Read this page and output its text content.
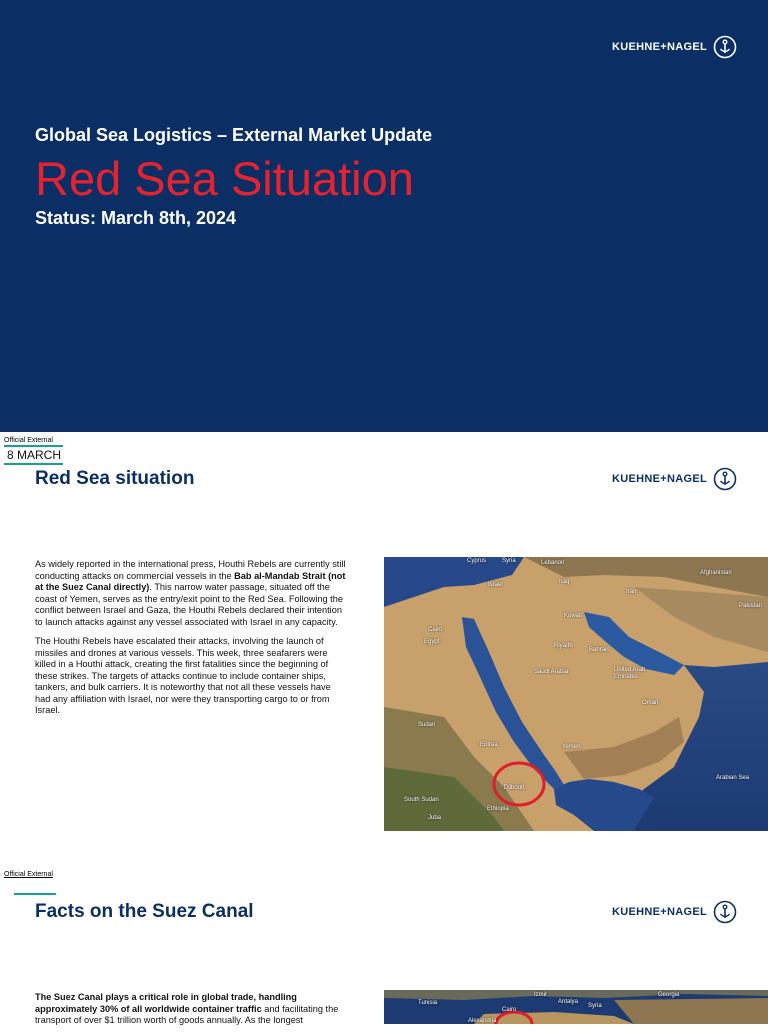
KUEHNE+NAGEL
Global Sea Logistics – External Market Update
Red Sea Situation
Status: March 8th, 2024
Official External
8 MARCH
Red Sea situation	KUEHNE+NAGEL

As widely reported in the international press, Houthi Rebels are currently still conducting attacks on commercial vessels in the Bab al-Mandab Strait (not at the Suez Canal directly). This narrow water passage, situated off the coast of Yemen, serves as the entry/exit point to the Red Sea. Following the conflict between Israel and Gaza, the Houthi Rebels declared their intention to launch attacks against any vessel associated with Israel in any capacity.

The Houthi Rebels have escalated their attacks, involving the launch of missiles and drones at various vessels. This week, three seafarers were killed in a Houthi attack, creating the first fatalities since the beginning of these strikes. The targets of attacks continue to include container ships, tankers, and bulk carriers. It is noteworthy that not all these vessels have had any affiliation with Israel, nor were they transporting cargo to or from Israel.

Cyprus	Syria	Lebanon
Israel	Iraq
Iran
Afghanistan
Pakistan
Cairo
Egypt
Kuwait
Bahrain
Riyadh
Saudi Arabia	United Arab Emirates
Oman
Sudan
Eritrea	Yemen
Djibouti
South Sudan
Ethiopia
Juba
Arabian Sea
Official External
Facts on the Suez Canal	KUEHNE+NAGEL

The Suez Canal plays a critical role in global trade, handling approximately 30% of all worldwide container traffic and facilitating the transport of over $1 trillion worth of goods annually. As the longest

Tunisia
Izmir
Antalya
Syria
Georgia
Cairo
Alexandria
